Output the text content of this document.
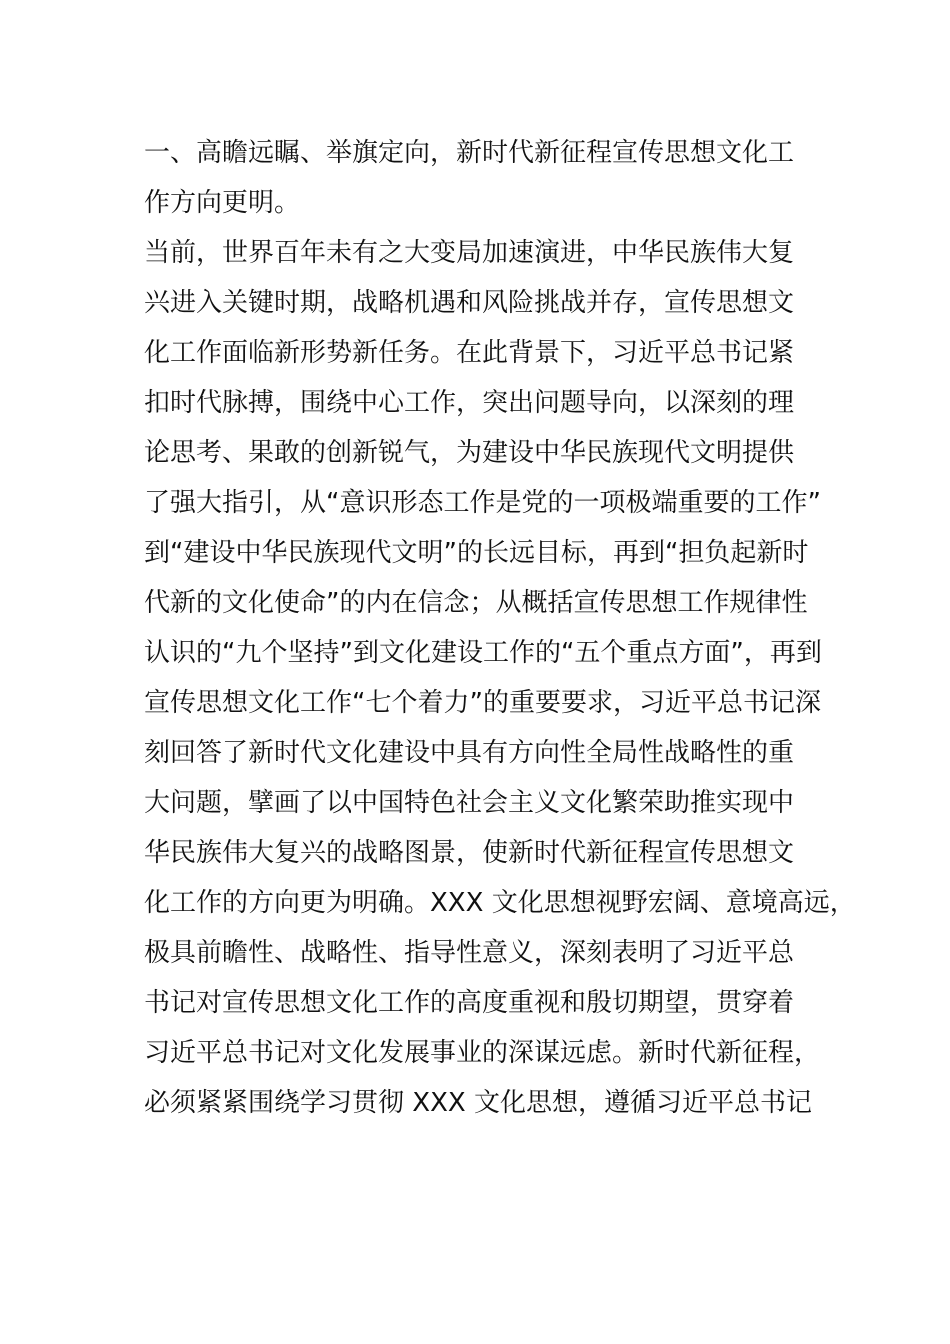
一、高瞻远瞩、举旗定向，新时代新征程宣传思想文化工
作方向更明。
当前，世界百年未有之大变局加速演进，中华民族伟大复
兴进入关键时期，战略机遇和风险挑战并存，宣传思想文
化工作面临新形势新任务。在此背景下，习近平总书记紧
扣时代脉搏，围绕中心工作，突出问题导向，以深刻的理
论思考、果敢的创新锐气，为建设中华民族现代文明提供
了强大指引，从“意识形态工作是党的一项极端重要的工作”
到“建设中华民族现代文明”的长远目标，再到“担负起新时
代新的文化使命”的内在信念；从概括宣传思想工作规律性
认识的“九个坚持”到文化建设工作的“五个重点方面”，再到
宣传思想文化工作“七个着力”的重要要求，习近平总书记深
刻回答了新时代文化建设中具有方向性全局性战略性的重
大问题，擘画了以中国特色社会主义文化繁荣助推实现中
华民族伟大复兴的战略图景，使新时代新征程宣传思想文
化工作的方向更为明确。XXX 文化思想视野宏阔、意境高远，
极具前瞻性、战略性、指导性意义，深刻表明了习近平总
书记对宣传思想文化工作的高度重视和殷切期望，贯穿着
习近平总书记对文化发展事业的深谋远虑。新时代新征程，
必须紧紧围绕学习贯彻 XXX 文化思想，遵循习近平总书记
